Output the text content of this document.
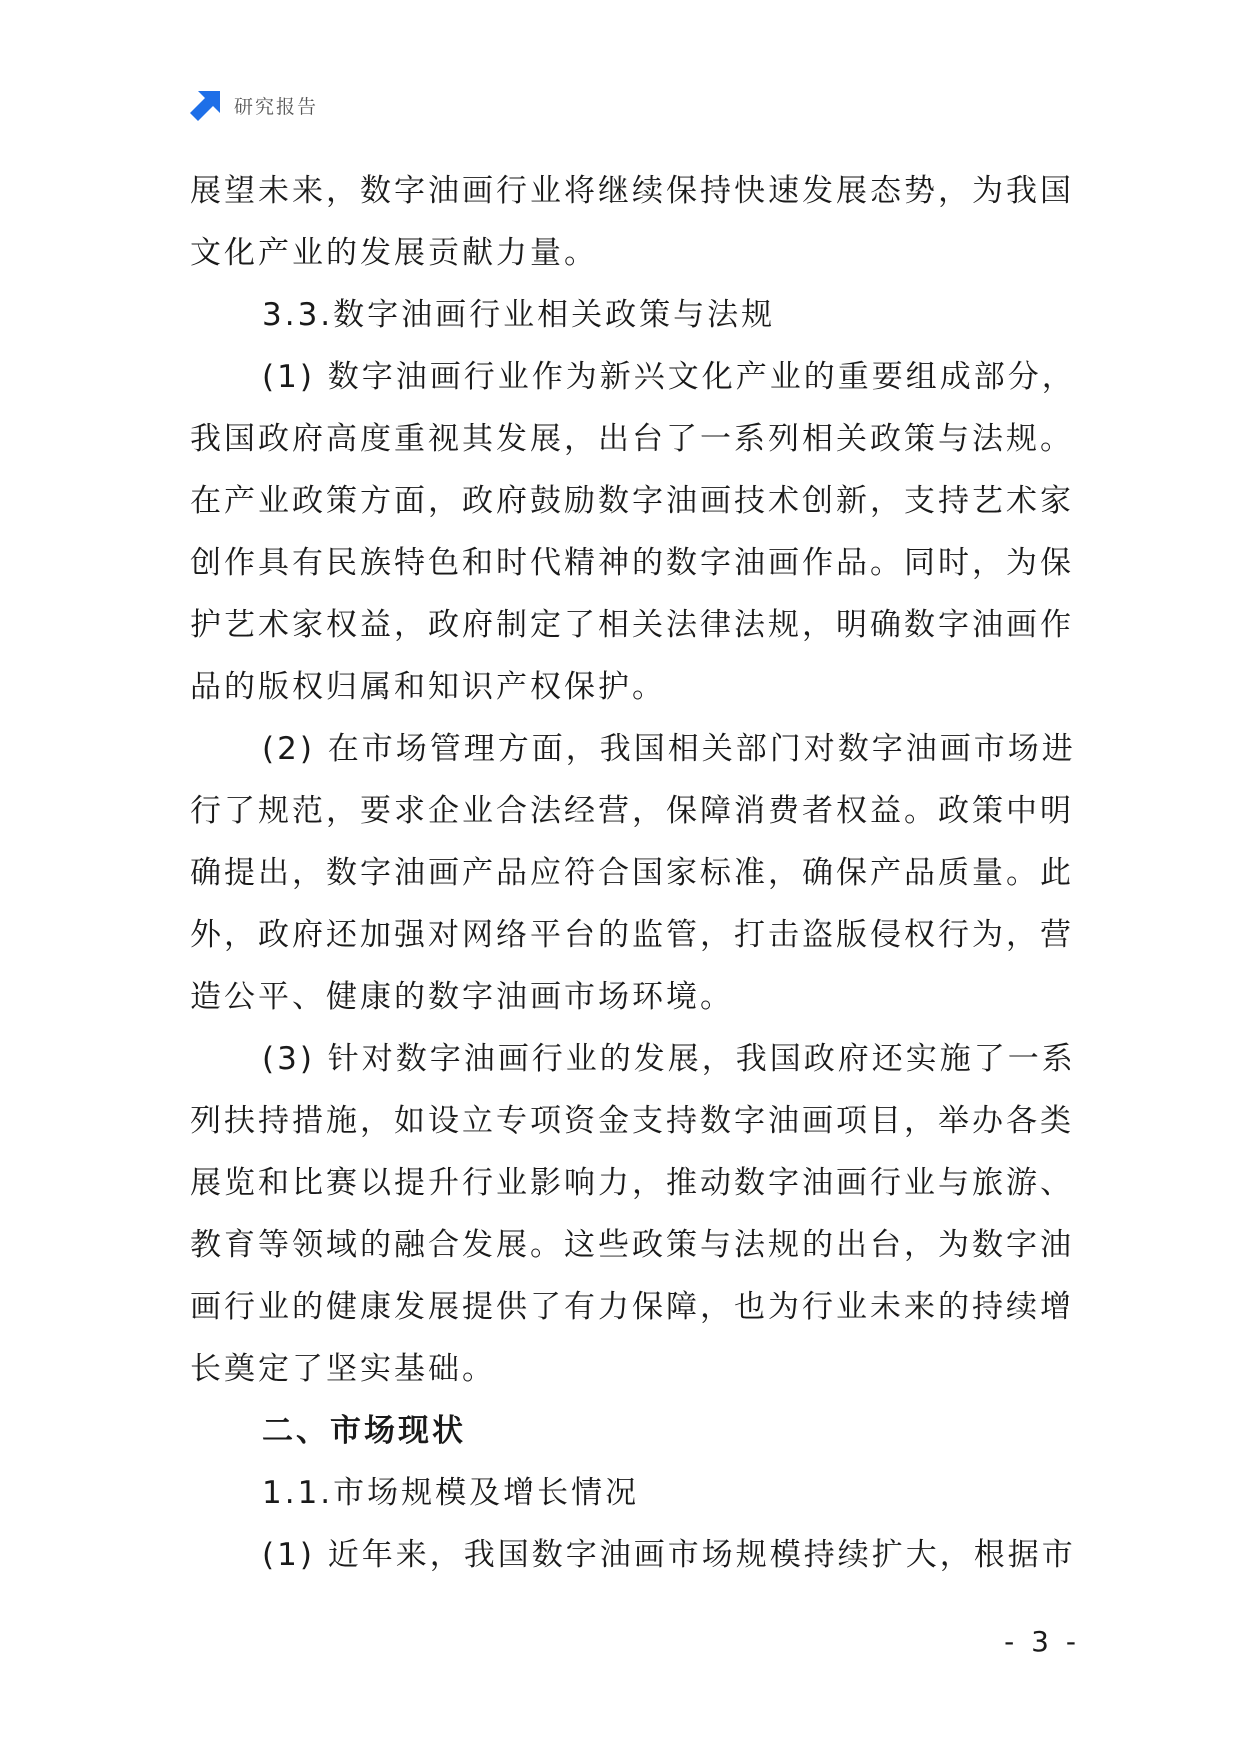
研究报告
展望未来，数字油画行业将继续保持快速发展态势，为我国
文化产业的发展贡献力量。
3.3.数字油画行业相关政策与法规
(1) 数字油画行业作为新兴文化产业的重要组成部分，
我国政府高度重视其发展，出台了一系列相关政策与法规。
在产业政策方面，政府鼓励数字油画技术创新，支持艺术家
创作具有民族特色和时代精神的数字油画作品。同时，为保
护艺术家权益，政府制定了相关法律法规，明确数字油画作
品的版权归属和知识产权保护。
(2) 在市场管理方面，我国相关部门对数字油画市场进
行了规范，要求企业合法经营，保障消费者权益。政策中明
确提出，数字油画产品应符合国家标准，确保产品质量。此
外，政府还加强对网络平台的监管，打击盗版侵权行为，营
造公平、健康的数字油画市场环境。
(3) 针对数字油画行业的发展，我国政府还实施了一系
列扶持措施，如设立专项资金支持数字油画项目，举办各类
展览和比赛以提升行业影响力，推动数字油画行业与旅游、
教育等领域的融合发展。这些政策与法规的出台，为数字油
画行业的健康发展提供了有力保障，也为行业未来的持续增
长奠定了坚实基础。
二、市场现状
1.1.市场规模及增长情况
(1) 近年来，我国数字油画市场规模持续扩大，根据市
- 3 -
